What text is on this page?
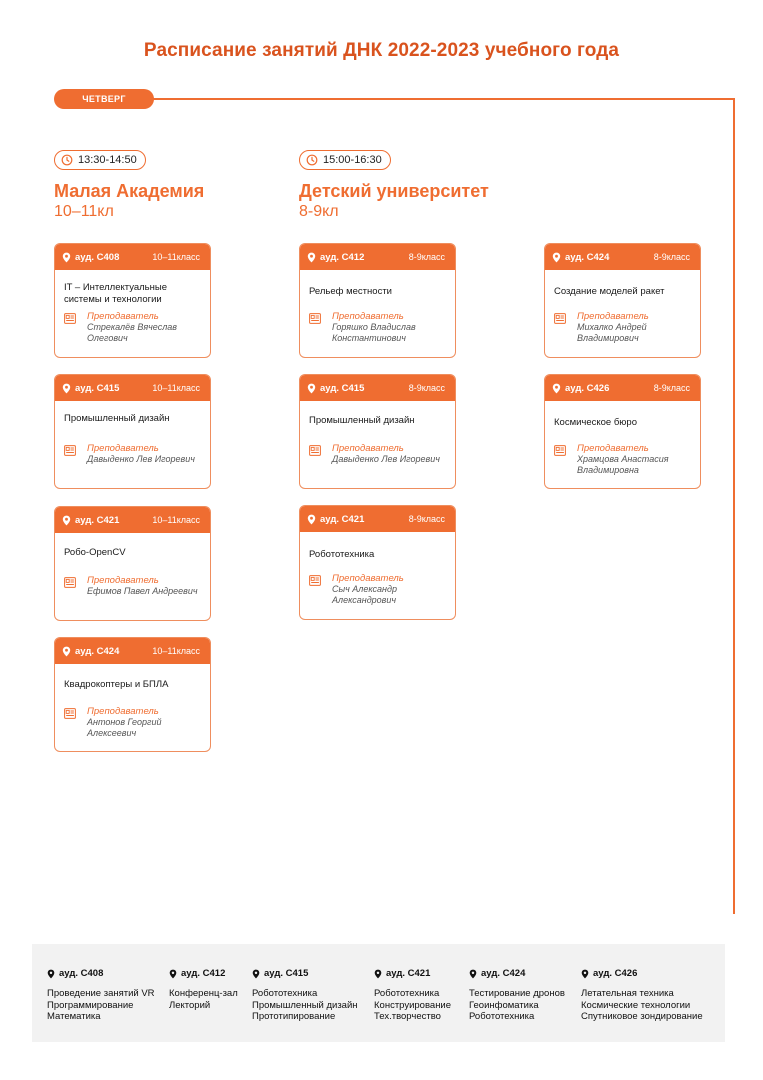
Расписание занятий ДНК 2022-2023 учебного года
ЧЕТВЕРГ
13:30-14:50
Малая Академия
10–11кл
15:00-16:30
Детский университет
8-9кл
ауд. C408	10–11класс
IT – Интеллектуальные системы и технологии
Преподаватель
Стрекалёв Вячеслав Олегович
ауд. C415	10–11класс
Промышленный дизайн
Преподаватель
Давыденко Лев Игоревич
ауд. C421	10–11класс
Робо-OpenCV
Преподаватель
Ефимов Павел Андреевич
ауд. C424	10–11класс
Квадрокоптеры и БПЛА
Преподаватель
Антонов Георгий Алексеевич
ауд. C412	8-9класс
Рельеф местности
Преподаватель
Горяшко Владислав Константинович
ауд. C415	8-9класс
Промышленный дизайн
Преподаватель
Давыденко Лев Игоревич
ауд. C421	8-9класс
Робототехника
Преподаватель
Сыч Александр Александрович
ауд. C424	8-9класс
Создание моделей ракет
Преподаватель
Михалко Андрей Владимирович
ауд. C426	8-9класс
Космическое бюро
Преподаватель
Храмцова Анастасия Владимировна
ауд. C408
Проведение занятий VR
Программирование
Математика
ауд. C412
Конференц-зал
Лекторий
ауд. C415
Робототехника
Промышленный дизайн
Прототипирование
ауд. C421
Робототехника
Конструирование
Тех.творчество
ауд. C424
Тестирование дронов
Геоинфоматика
Робототехника
ауд. C426
Летательная техника
Космические технологии
Спутниковое зондирование
